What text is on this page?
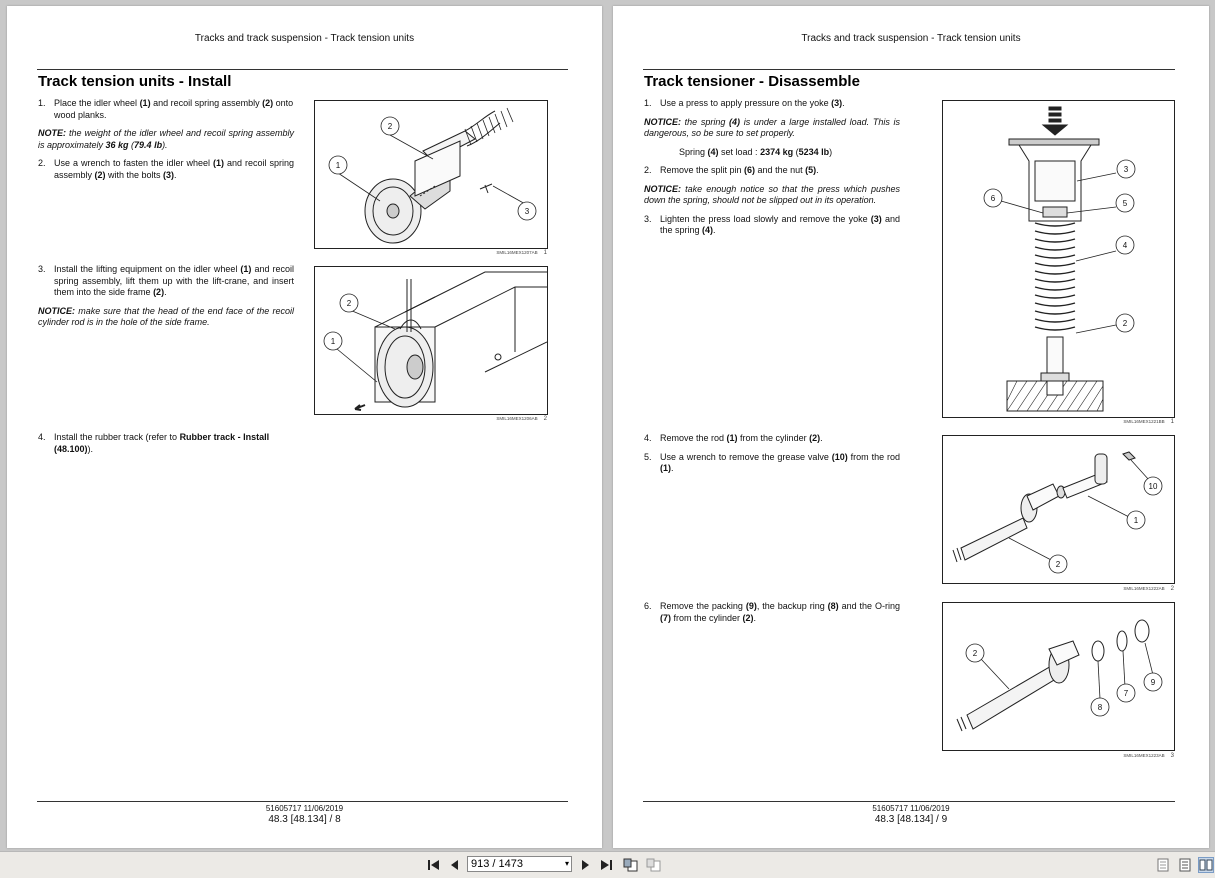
Tracks and track suspension - Track tension units
Track tension units - Install
1. Place the idler wheel (1) and recoil spring assembly (2) onto wood planks.
NOTE: the weight of the idler wheel and recoil spring assembly is approximately 36 kg (79.4 lb).
2. Use a wrench to fasten the idler wheel (1) and recoil spring assembly (2) with the bolts (3).
3. Install the lifting equipment on the idler wheel (1) and recoil spring assembly, lift them up with the lift-crane, and insert them into the side frame (2).
NOTICE: make sure that the head of the end face of the recoil cylinder rod is in the hole of the side frame.
4. Install the rubber track (refer to Rubber track - Install (48.100)).
2
1
3
SMIL16MEX1207AB 1
2
1
SMIL16MEX1206AB 2
51605717 11/06/2019
48.3 [48.134] / 8
Tracks and track suspension - Track tension units
Track tensioner - Disassemble
1. Use a press to apply pressure on the yoke (3).
NOTICE: the spring (4) is under a large installed load. This is dangerous, so be sure to set properly.
Spring (4) set load : 2374 kg (5234 lb)
2. Remove the split pin (6) and the nut (5).
NOTICE: take enough notice so that the press which pushes down the spring, should not be slipped out in its operation.
3. Lighten the press load slowly and remove the yoke (3) and the spring (4).
4. Remove the rod (1) from the cylinder (2).
5. Use a wrench to remove the grease valve (10) from the rod (1).
6. Remove the packing (9), the backup ring (8) and the O-ring (7) from the cylinder (2).
3
6
5
4
2
SMIL16MEX1221BB 1
10
1
2
SMIL16MEX1222AB 2
2
9
7
8
SMIL16MEX1223AB 3
51605717 11/06/2019
48.3 [48.134] / 9
913 / 1473	▾
